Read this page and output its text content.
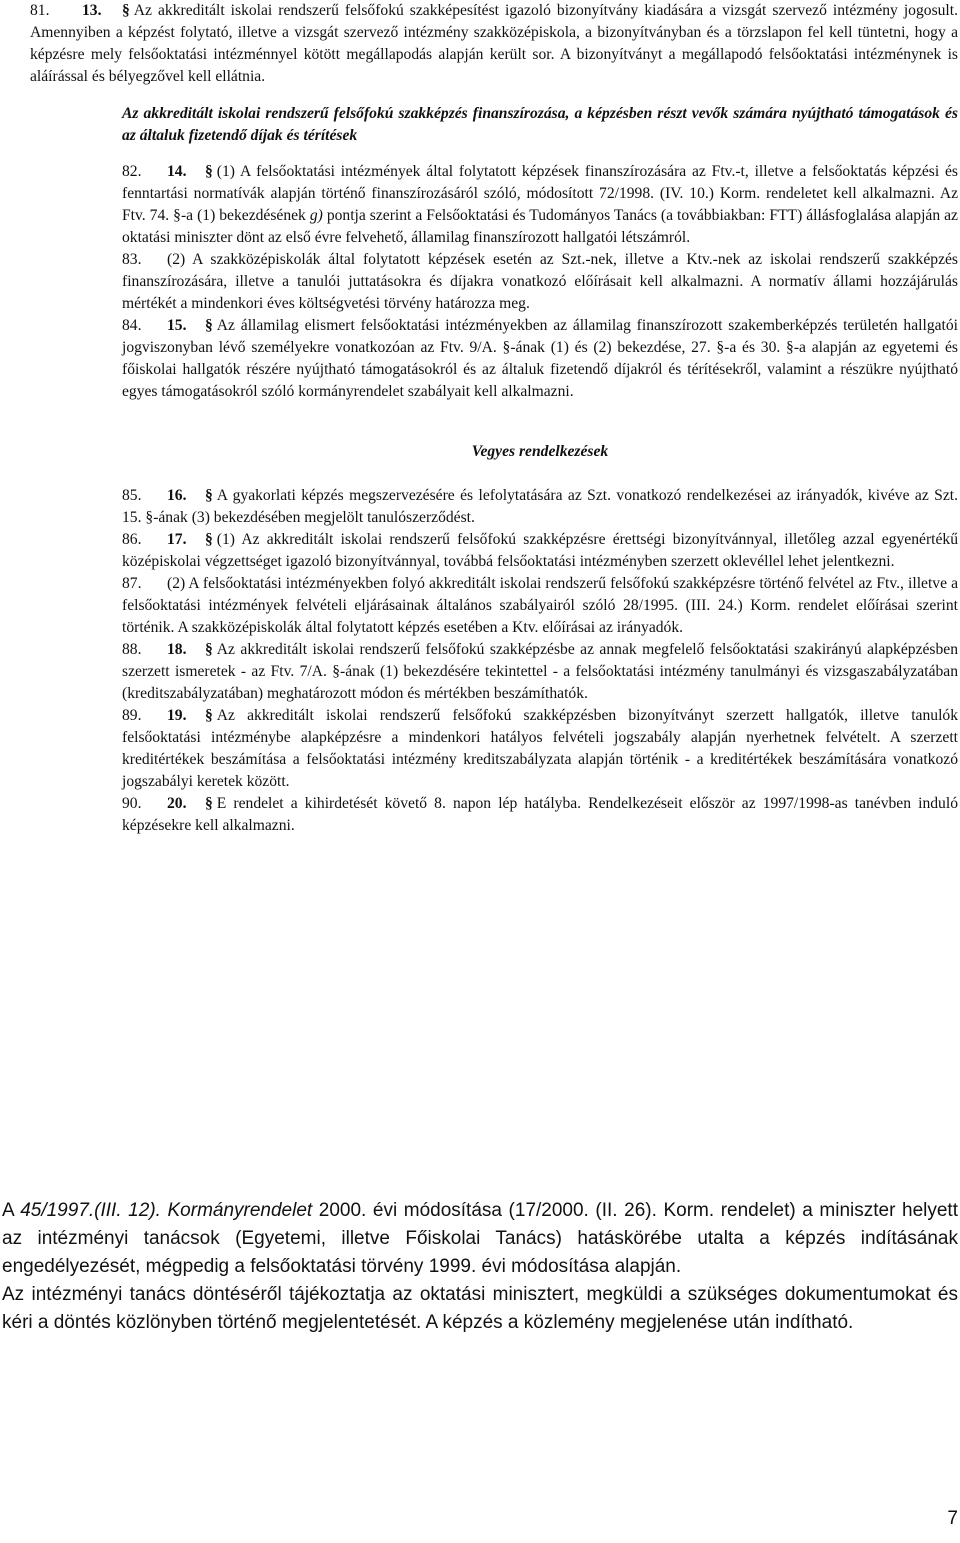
81. 13. § Az akkreditált iskolai rendszerű felsőfokú szakképesítést igazoló bizonyítvány kiadására a vizsgát szervező intézmény jogosult. Amennyiben a képzést folytató, illetve a vizsgát szervező intézmény szakközépiskola, a bizonyítványban és a törzslapon fel kell tüntetni, hogy a képzésre mely felsőoktatási intézménnyel kötött megállapodás alapján került sor. A bizonyítványt a megállapodó felsőoktatási intézménynek is aláírással és bélyegzővel kell ellátnia.

Az akkreditált iskolai rendszerű felsőfokú szakképzés finanszírozása, a képzésben részt vevők számára nyújtható támogatások és az általuk fizetendő díjak és térítések

82. 14. § (1) A felsőoktatási intézmények által folytatott képzések finanszírozására az Ftv.-t, illetve a felsőoktatás képzési és fenntartási normatívák alapján történő finanszírozásáról szóló, módosított 72/1998. (IV. 10.) Korm. rendeletet kell alkalmazni. Az Ftv. 74. §-a (1) bekezdésének g) pontja szerint a Felsőoktatási és Tudományos Tanács (a továbbiakban: FTT) állásfoglalása alapján az oktatási miniszter dönt az első évre felvehető, államilag finanszírozott hallgatói létszámról.

83. (2) A szakközépiskolák által folytatott képzések esetén az Szt.-nek, illetve a Ktv.-nek az iskolai rendszerű szakképzés finanszírozására, illetve a tanulói juttatásokra és díjakra vonatkozó előírásait kell alkalmazni. A normatív állami hozzájárulás mértékét a mindenkori éves költségvetési törvény határozza meg.

84. 15. § Az államilag elismert felsőoktatási intézményekben az államilag finanszírozott szakemberképzés területén hallgatói jogviszonyban lévő személyekre vonatkozóan az Ftv. 9/A. §-ának (1) és (2) bekezdése, 27. §-a és 30. §-a alapján az egyetemi és főiskolai hallgatók részére nyújtható támogatásokról és az általuk fizetendő díjakról és térítésekről, valamint a részükre nyújtható egyes támogatásokról szóló kormányrendelet szabályait kell alkalmazni.

Vegyes rendelkezések

85. 16. § A gyakorlati képzés megszervezésére és lefolytatására az Szt. vonatkozó rendelkezései az irányadók, kivéve az Szt. 15. §-ának (3) bekezdésében megjelölt tanulószerződést.

86. 17. § (1) Az akkreditált iskolai rendszerű felsőfokú szakképzésre érettségi bizonyítvánnyal, illetőleg azzal egyenértékű középiskolai végzettséget igazoló bizonyítvánnyal, továbbá felsőoktatási intézményben szerzett oklevéllel lehet jelentkezni.

87. (2) A felsőoktatási intézményekben folyó akkreditált iskolai rendszerű felsőfokú szakképzésre történő felvétel az Ftv., illetve a felsőoktatási intézmények felvételi eljárásainak általános szabályairól szóló 28/1995. (III. 24.) Korm. rendelet előírásai szerint történik. A szakközépiskolák által folytatott képzés esetében a Ktv. előírásai az irányadók.

88. 18. § Az akkreditált iskolai rendszerű felsőfokú szakképzésbe az annak megfelelő felsőoktatási szakirányú alapképzésben szerzett ismeretek - az Ftv. 7/A. §-ának (1) bekezdésére tekintettel - a felsőoktatási intézmény tanulmányi és vizsgaszabályzatában (kreditszabályzatában) meghatározott módon és mértékben beszámíthatók.

89. 19. § Az akkreditált iskolai rendszerű felsőfokú szakképzésben bizonyítványt szerzett hallgatók, illetve tanulók felsőoktatási intézménybe alapképzésre a mindenkori hatályos felvételi jogszabály alapján nyerhetnek felvételt. A szerzett kreditértékek beszámítása a felsőoktatási intézmény kreditszabályzata alapján történik - a kreditértékek beszámítására vonatkozó jogszabályi keretek között.

90. 20. § E rendelet a kihirdetését követő 8. napon lép hatályba. Rendelkezéseit először az 1997/1998-as tanévben induló képzésekre kell alkalmazni.

A 45/1997.(III. 12). Kormányrendelet 2000. évi módosítása (17/2000. (II. 26). Korm. rendelet) a miniszter helyett az intézményi tanácsok (Egyetemi, illetve Főiskolai Tanács) hatáskörébe utalta a képzés indításának engedélyezését, mégpedig a felsőoktatási törvény 1999. évi módosítása alapján.

Az intézményi tanács döntéséről tájékoztatja az oktatási minisztert, megküldi a szükséges dokumentumokat és kéri a döntés közlönyben történő megjelentetését. A képzés a közlemény megjelenése után indítható.

7
